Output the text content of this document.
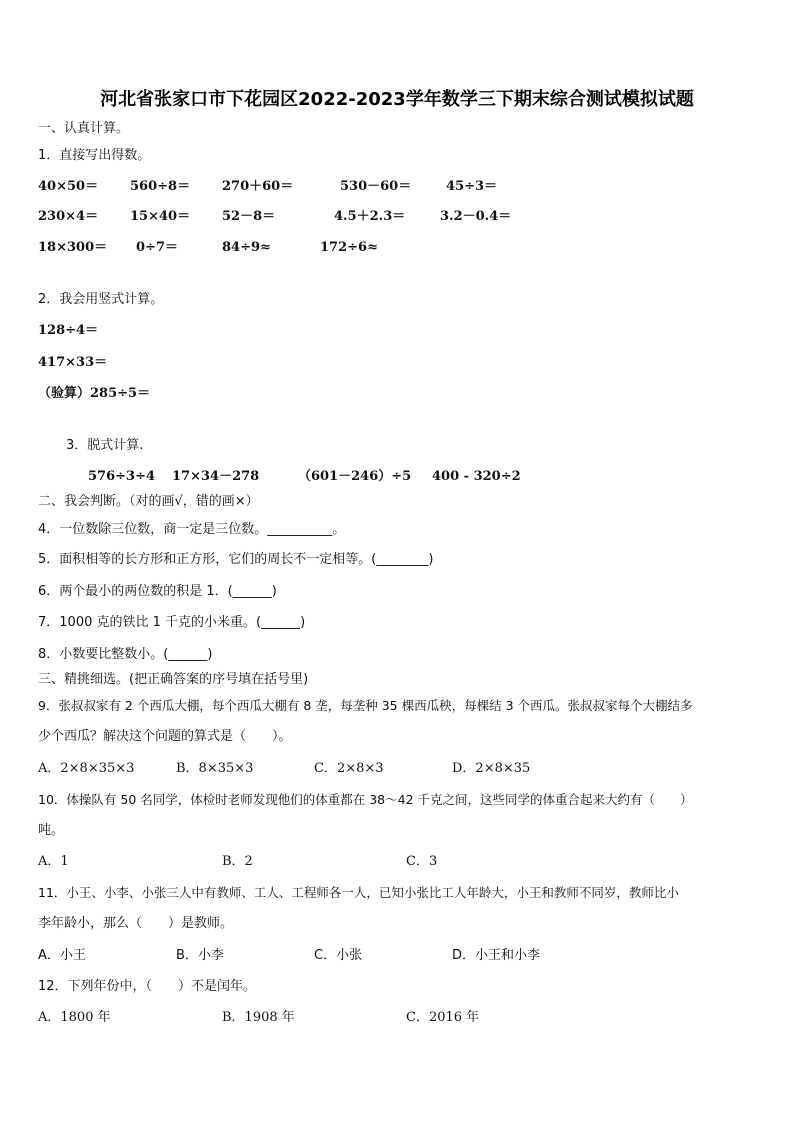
河北省张家口市下花园区2022-2023学年数学三下期末综合测试模拟试题
一、认真计算。
1．直接写出得数。
40×50＝ 560÷8＝ 270＋60＝	530－60＝	45÷3＝
230×4＝ 15×40＝ 52－8＝	4.5＋2.3＝	3.2－0.4＝
18×300＝ 0÷7＝	84÷9≈	172÷6≈
2．我会用竖式计算。
128÷4＝
417×33＝
（验算）285÷5＝
3．脱式计算.
576÷3÷4 17×34－278	（601－246）÷5 400 - 320÷2
二、我会判断。（对的画√，错的画×）
4．一位数除三位数，商一定是三位数。__________。
5．面积相等的长方形和正方形，它们的周长不一定相等。(________)
6．两个最小的两位数的积是 1．(______)
7．1000 克的铁比 1 千克的小米重。(______)
8．小数要比整数小。(______)
三、精挑细选。(把正确答案的序号填在括号里)
9．张叔叔家有 2 个西瓜大棚，每个西瓜大棚有 8 垄，每垄种 35 棵西瓜秧，每棵结 3 个西瓜。张叔叔家每个大棚结多
少个西瓜？解决这个问题的算式是（　　）。
A．2×8×35×3	B．8×35×3	C．2×8×3	D．2×8×35
10．体操队有 50 名同学，体检时老师发现他们的体重都在 38～42 千克之间，这些同学的体重合起来大约有（　　）
吨。
A．1	B．2	C．3
11．小王、小李、小张三人中有教师、工人、工程师各一人，已知小张比工人年龄大，小王和教师不同岁，教师比小
李年龄小，那么（　　）是教师。
A．小王	B．小李	C．小张	D．小王和小李
12．下列年份中，（　　）不是闰年。
A．1800 年	B．1908 年	C．2016 年
